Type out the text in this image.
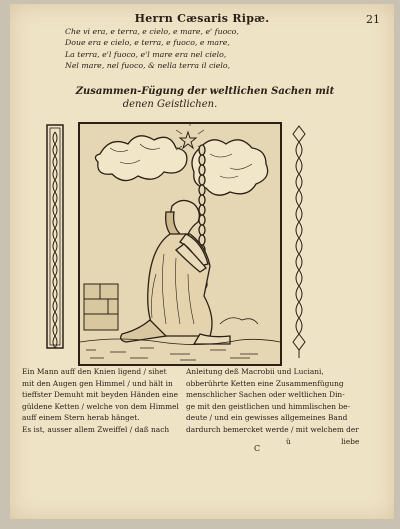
Herrn Cæsaris Ripæ.	21
Che vi era, e terra, e cielo, e mare, e' fuoco,
Doue era e cielo, e terra, e fuoco, e mare,
La terra, e'l fuoco, e'l mare era nel cielo,
Nel mare, nel fuoco, & nella terra il cielo,
Zusammen-Fügung der weltlichen Sachen mit

denen Geistlichen.
Ein Mann auff den Knien ligend / sihet
mit den Augen gen Himmel / und hält in
tieffster Demuht mit beyden Händen eine
güldene Ketten / welche von dem Himmel
auff einem Stern herab hänget.
Es ist, ausser allem Zweiffel / daß nach
Anleitung deß Macrobii und Luciani,
obberührte Ketten eine Zusammenfügung
menschlicher Sachen oder weltlichen Din-
ge mit den geistlichen und himmlischen be-
deute / und ein gewisses allgemeines Band
dardurch bemercket werde / mit welchem der
ü	liebe
C
